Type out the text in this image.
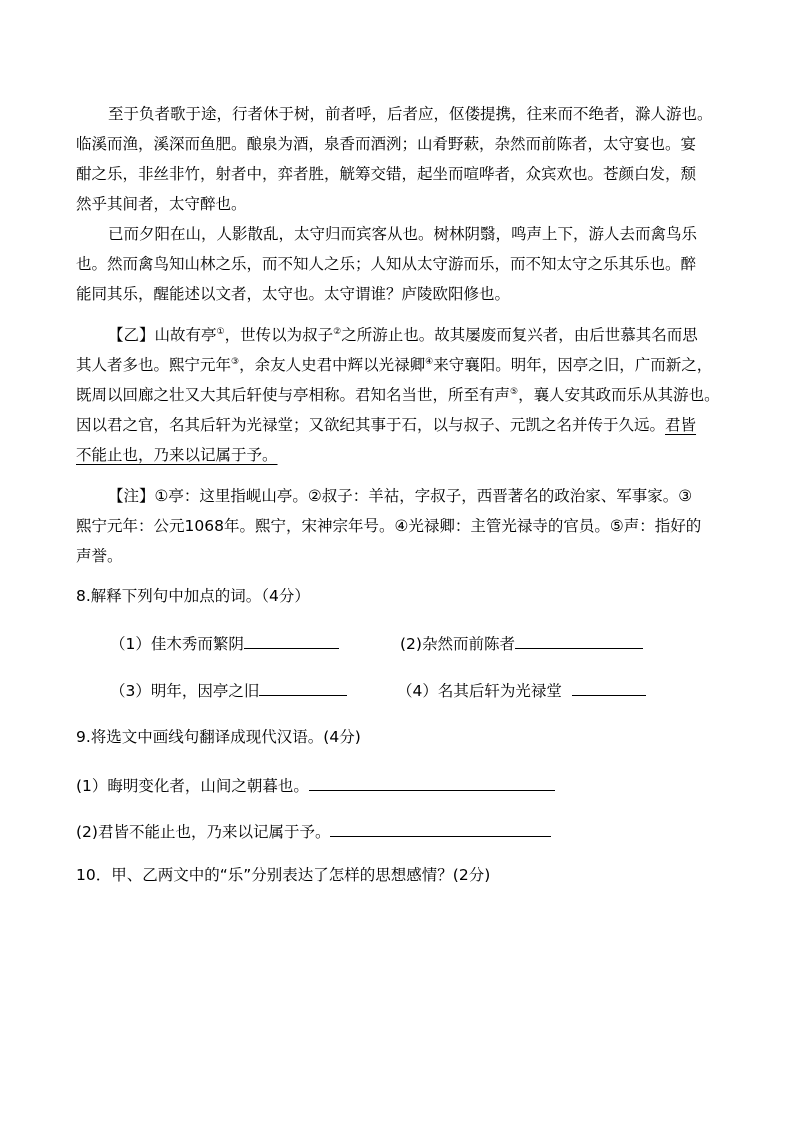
至于负者歌于途，行者休于树，前者呼，后者应，伛偻提携，往来而不绝者，滁人游也。
临溪而渔，溪深而鱼肥。酿泉为酒，泉香而酒洌；山肴野蔌，杂然而前陈者，太守宴也。宴
酣之乐，非丝非竹，射者中，弈者胜，觥筹交错，起坐而喧哗者，众宾欢也。苍颜白发，颓
然乎其间者，太守醉也。
已而夕阳在山，人影散乱，太守归而宾客从也。树林阴翳，鸣声上下，游人去而禽鸟乐
也。然而禽鸟知山林之乐，而不知人之乐；人知从太守游而乐，而不知太守之乐其乐也。醉
能同其乐，醒能述以文者，太守也。太守谓谁？庐陵欧阳修也。
【乙】山故有亭①，世传以为叔子②之所游止也。故其屡废而复兴者，由后世慕其名而思
其人者多也。熙宁元年③，余友人史君中辉以光禄卿④来守襄阳。明年，因亭之旧，广而新之，
既周以回廊之壮又大其后轩使与亭相称。君知名当世，所至有声⑤，襄人安其政而乐从其游也。
因以君之官，名其后轩为光禄堂；又欲纪其事于石，以与叔子、元凯之名并传于久远。君皆
不能止也，乃来以记属于予。
【注】①亭：这里指岘山亭。②叔子：羊祜，字叔子，西晋著名的政治家、军事家。③
熙宁元年：公元1068年。熙宁，宋神宗年号。④光禄卿：主管光禄寺的官员。⑤声：指好的
声誉。
8.解释下列句中加点的词。（4分）
（1）佳木秀而繁阴	(2)杂然而前陈者
（3）明年，因亭之旧	（4）名其后轩为光禄堂
9.将选文中画线句翻译成现代汉语。(4分)
(1）晦明变化者，山间之朝暮也。
(2)君皆不能止也，乃来以记属于予。
10．甲、乙两文中的“乐”分别表达了怎样的思想感情？(2分)
